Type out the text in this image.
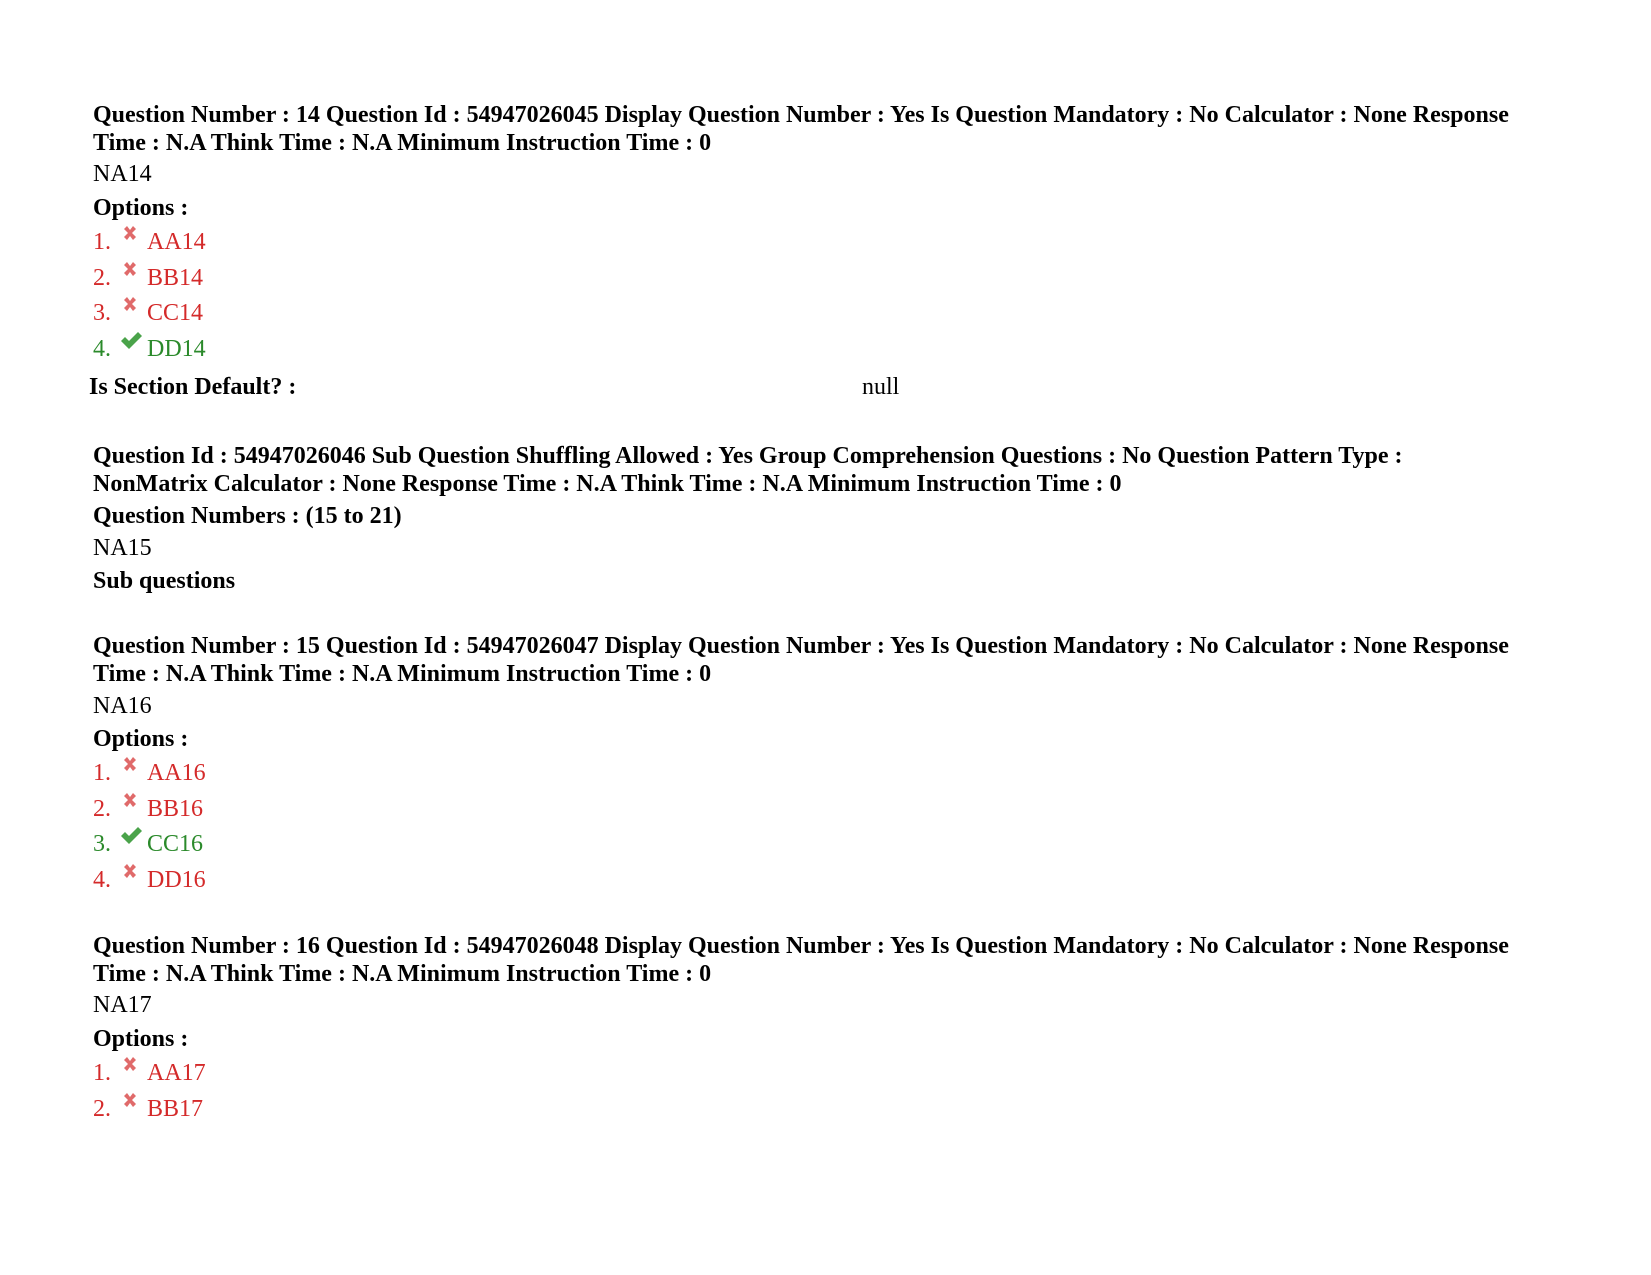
Question Number : 14 Question Id : 54947026045 Display Question Number : Yes Is Question Mandatory : No Calculator : None Response Time : N.A Think Time : N.A Minimum Instruction Time : 0
NA14
Options :
1.	AA14
2.	BB14
3.	CC14
4.	DD14
Is Section Default? :	null
Question Id : 54947026046 Sub Question Shuffling Allowed : Yes Group Comprehension Questions : No Question Pattern Type : NonMatrix Calculator : None Response Time : N.A Think Time : N.A Minimum Instruction Time : 0
Question Numbers : (15 to 21)
NA15
Sub questions
Question Number : 15 Question Id : 54947026047 Display Question Number : Yes Is Question Mandatory : No Calculator : None Response Time : N.A Think Time : N.A Minimum Instruction Time : 0
NA16
Options :
1.	AA16
2.	BB16
3.	CC16
4.	DD16
Question Number : 16 Question Id : 54947026048 Display Question Number : Yes Is Question Mandatory : No Calculator : None Response Time : N.A Think Time : N.A Minimum Instruction Time : 0
NA17
Options :
1.	AA17
2.	BB17
